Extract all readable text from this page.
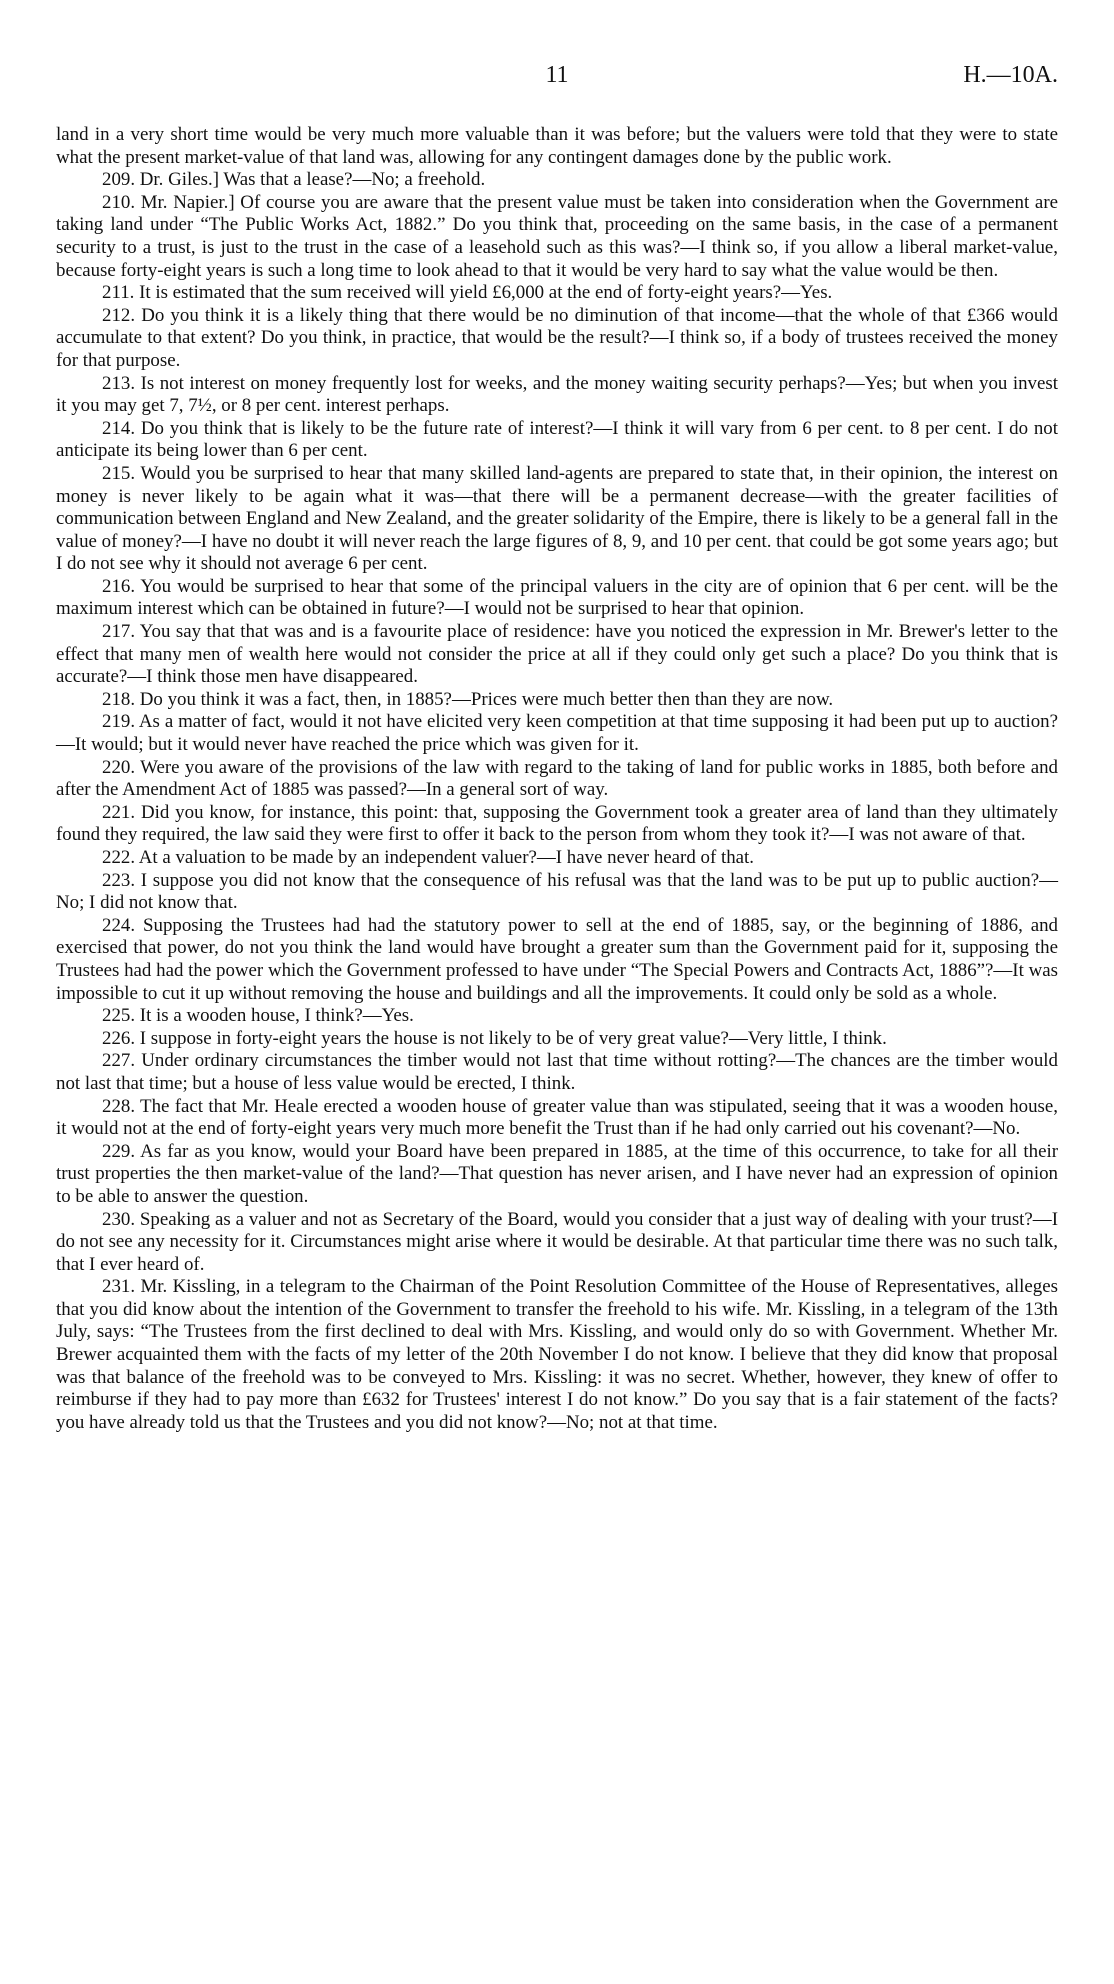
11	H.—10A.

land in a very short time would be very much more valuable than it was before; but the valuers were told that they were to state what the present market-value of that land was, allowing for any contingent damages done by the public work.

209. Dr. Giles.] Was that a lease?—No; a freehold.

210. Mr. Napier.] Of course you are aware that the present value must be taken into consideration when the Government are taking land under “The Public Works Act, 1882.” Do you think that, proceeding on the same basis, in the case of a permanent security to a trust, is just to the trust in the case of a leasehold such as this was?—I think so, if you allow a liberal market-value, because forty-eight years is such a long time to look ahead to that it would be very hard to say what the value would be then.

211. It is estimated that the sum received will yield £6,000 at the end of forty-eight years?—Yes.

212. Do you think it is a likely thing that there would be no diminution of that income—that the whole of that £366 would accumulate to that extent? Do you think, in practice, that would be the result?—I think so, if a body of trustees received the money for that purpose.

213. Is not interest on money frequently lost for weeks, and the money waiting security perhaps?—Yes; but when you invest it you may get 7, 7½, or 8 per cent. interest perhaps.

214. Do you think that is likely to be the future rate of interest?—I think it will vary from 6 per cent. to 8 per cent. I do not anticipate its being lower than 6 per cent.

215. Would you be surprised to hear that many skilled land-agents are prepared to state that, in their opinion, the interest on money is never likely to be again what it was—that there will be a permanent decrease—with the greater facilities of communication between England and New Zealand, and the greater solidarity of the Empire, there is likely to be a general fall in the value of money?—I have no doubt it will never reach the large figures of 8, 9, and 10 per cent. that could be got some years ago; but I do not see why it should not average 6 per cent.

216. You would be surprised to hear that some of the principal valuers in the city are of opinion that 6 per cent. will be the maximum interest which can be obtained in future?—I would not be surprised to hear that opinion.

217. You say that that was and is a favourite place of residence: have you noticed the expression in Mr. Brewer's letter to the effect that many men of wealth here would not consider the price at all if they could only get such a place? Do you think that is accurate?—I think those men have disappeared.

218. Do you think it was a fact, then, in 1885?—Prices were much better then than they are now.

219. As a matter of fact, would it not have elicited very keen competition at that time supposing it had been put up to auction?—It would; but it would never have reached the price which was given for it.

220. Were you aware of the provisions of the law with regard to the taking of land for public works in 1885, both before and after the Amendment Act of 1885 was passed?—In a general sort of way.

221. Did you know, for instance, this point: that, supposing the Government took a greater area of land than they ultimately found they required, the law said they were first to offer it back to the person from whom they took it?—I was not aware of that.

222. At a valuation to be made by an independent valuer?—I have never heard of that.

223. I suppose you did not know that the consequence of his refusal was that the land was to be put up to public auction?—No; I did not know that.

224. Supposing the Trustees had had the statutory power to sell at the end of 1885, say, or the beginning of 1886, and exercised that power, do not you think the land would have brought a greater sum than the Government paid for it, supposing the Trustees had had the power which the Government professed to have under “The Special Powers and Contracts Act, 1886”?—It was impossible to cut it up without removing the house and buildings and all the improvements. It could only be sold as a whole.

225. It is a wooden house, I think?—Yes.

226. I suppose in forty-eight years the house is not likely to be of very great value?—Very little, I think.

227. Under ordinary circumstances the timber would not last that time without rotting?—The chances are the timber would not last that time; but a house of less value would be erected, I think.

228. The fact that Mr. Heale erected a wooden house of greater value than was stipulated, seeing that it was a wooden house, it would not at the end of forty-eight years very much more benefit the Trust than if he had only carried out his covenant?—No.

229. As far as you know, would your Board have been prepared in 1885, at the time of this occurrence, to take for all their trust properties the then market-value of the land?—That question has never arisen, and I have never had an expression of opinion to be able to answer the question.

230. Speaking as a valuer and not as Secretary of the Board, would you consider that a just way of dealing with your trust?—I do not see any necessity for it. Circumstances might arise where it would be desirable. At that particular time there was no such talk, that I ever heard of.

231. Mr. Kissling, in a telegram to the Chairman of the Point Resolution Committee of the House of Representatives, alleges that you did know about the intention of the Government to transfer the freehold to his wife. Mr. Kissling, in a telegram of the 13th July, says: “The Trustees from the first declined to deal with Mrs. Kissling, and would only do so with Government. Whether Mr. Brewer acquainted them with the facts of my letter of the 20th November I do not know. I believe that they did know that proposal was that balance of the freehold was to be conveyed to Mrs. Kissling: it was no secret. Whether, however, they knew of offer to reimburse if they had to pay more than £632 for Trustees' interest I do not know.” Do you say that is a fair statement of the facts? you have already told us that the Trustees and you did not know?—No; not at that time.
